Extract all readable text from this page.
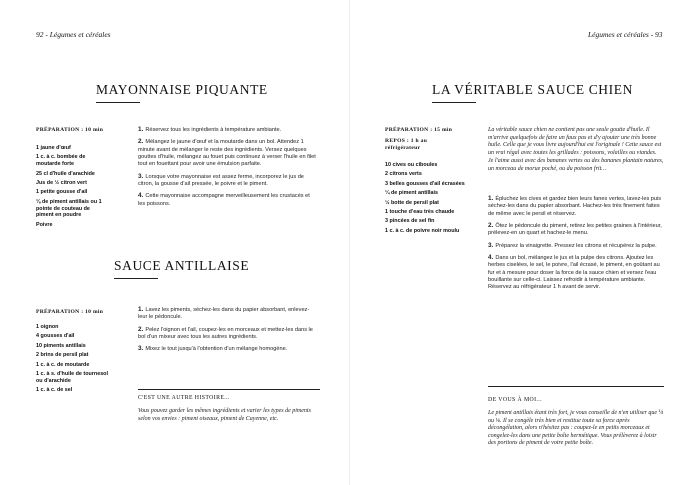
92 - Légumes et céréales
MAYONNAISE PIQUANTE
PRÉPARATION : 10 min
1 jaune d'œuf
1 c. à c. bombée de moutarde forte
25 cl d'huile d'arachide
Jus de ½ citron vert
1 petite gousse d'ail
⅛ de piment antillais ou 1 pointe de couteau de piment en poudre
Poivre
1. Réservez tous les ingrédients à température ambiante.
2. Mélangez le jaune d'œuf et la moutarde dans un bol. Attendez 1 minute avant de mélanger le reste des ingrédients. Versez quelques gouttes d'huile, mélangez au fouet puis continuez à verser l'huile en filet tout en fouettant pour avoir une émulsion parfaite.
3. Lorsque votre mayonnaise est assez ferme, incorporez le jus de citron, la gousse d'ail pressée, le poivre et le piment.
4. Cette mayonnaise accompagne merveilleusement les crustacés et les poissons.
SAUCE ANTILLAISE
PRÉPARATION : 10 min
1 oignon
4 gousses d'ail
10 piments antillais
2 brins de persil plat
1 c. à c. de moutarde
1 c. à s. d'huile de tournesol ou d'arachide
1 c. à c. de sel
1. Lavez les piments, séchez-les dans du papier absorbant, enlevez-leur le pédoncule.
2. Pelez l'oignon et l'ail, coupez-les en morceaux et mettez-les dans le bol d'un mixeur avec tous les autres ingrédients.
3. Mixez le tout jusqu'à l'obtention d'un mélange homogène.
C'EST UNE AUTRE HISTOIRE...

Vous pouvez garder les mêmes ingrédients et varier les types de piments selon vos envies : piment oiseaux, piment de Cayenne, etc.

Légumes et céréales - 93
LA VÉRITABLE SAUCE CHIEN
PRÉPARATION : 15 min
REPOS : 1 h au réfrigérateur
10 cives ou ciboules
2 citrons verts
3 belles gousses d'ail écrasées
¼ de piment antillais
½ botte de persil plat
1 touche d'eau très chaude
3 pincées de sel fin
1 c. à c. de poivre noir moulu

La véritable sauce chien ne contient pas une seule goutte d'huile. Il m'arrive quelquefois de faire un faux pas et d'y ajouter une très bonne huile. Celle que je vous livre aujourd'hui est l'originale ! Cette sauce est un vrai régal avec toutes les grillades : poissons, volailles ou viandes.

Je l'aime aussi avec des bananes vertes ou des bananes plantain natures, un morceau de morue poché, ou du poisson frit…

1. Épluchez les cives et gardez bien leurs fanes vertes, lavez-les puis séchez-les dans du papier absorbant. Hachez-les très finement faites de même avec le persil et réservez.
2. Ôtez le pédoncule du piment, retirez les petites graines à l'intérieur, prélevez-en un quart et hachez-le menu.
3. Préparez la vinaigrette. Pressez les citrons et récupérez la pulpe.
4. Dans un bol, mélangez le jus et la pulpe des citrons. Ajoutez les herbes ciselées, le sel, le poivre, l'ail écrasé, le piment, en goûtant au fur et à mesure pour doser la force de la sauce chien et versez l'eau bouillante sur celle-ci. Laissez refroidir à température ambiante. Réservez au réfrigérateur 1 h avant de servir.
DE VOUS À MOI...

Le piment antillais étant très fort, je vous conseille de n'en utiliser que ¼ ou ⅛. Il se congèle très bien et restitue toute sa force après décongélation, alors n'hésitez pas : coupez-le en petits morceaux et congelez-les dans une petite boîte hermétique. Vous prélèverez à loisir des portions de piment de votre petite boîte.
